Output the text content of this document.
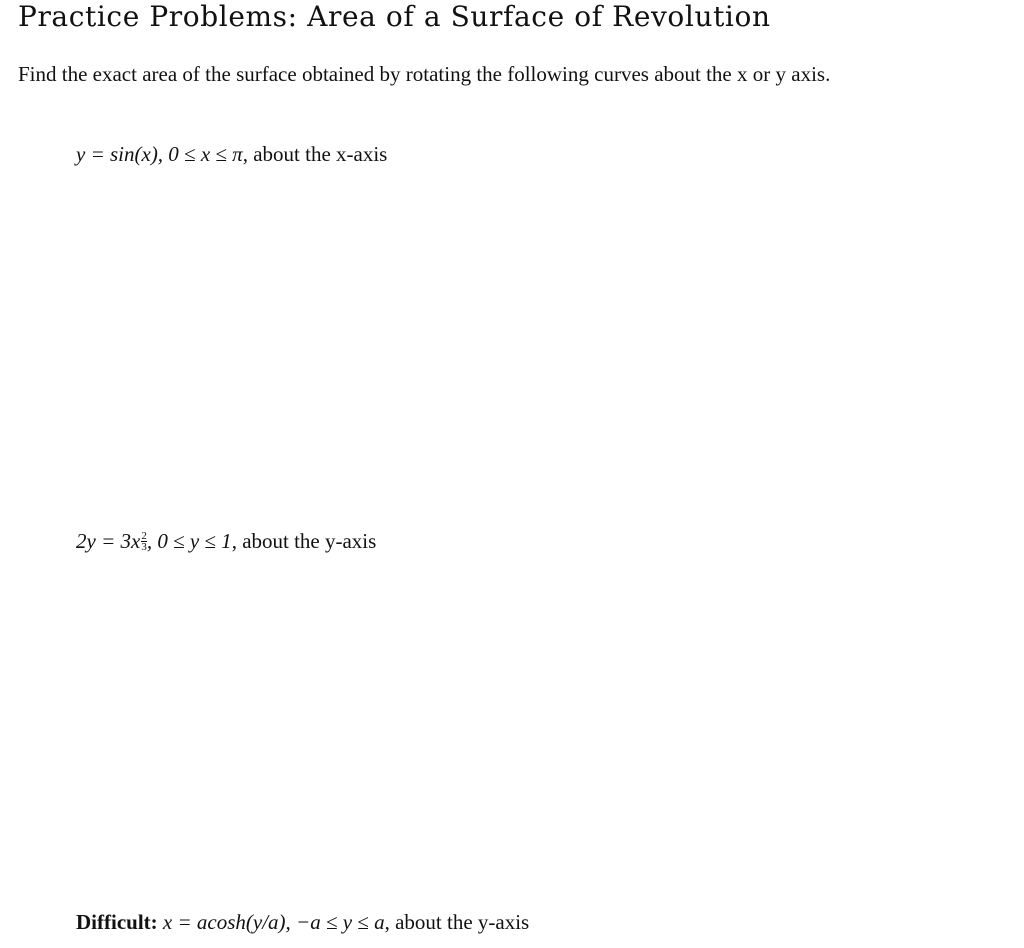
Practice Problems: Area of a Surface of Revolution
Find the exact area of the surface obtained by rotating the following curves about the x or y axis.
y = sin(x), 0 ≤ x ≤ π, about the x-axis
$2y = 3x \frac{2}{3}$ , 0 ≤ y ≤ 1, about the y-axis
Difficult: x = acosh(y/a), −a ≤ y ≤ a, about the y-axis
